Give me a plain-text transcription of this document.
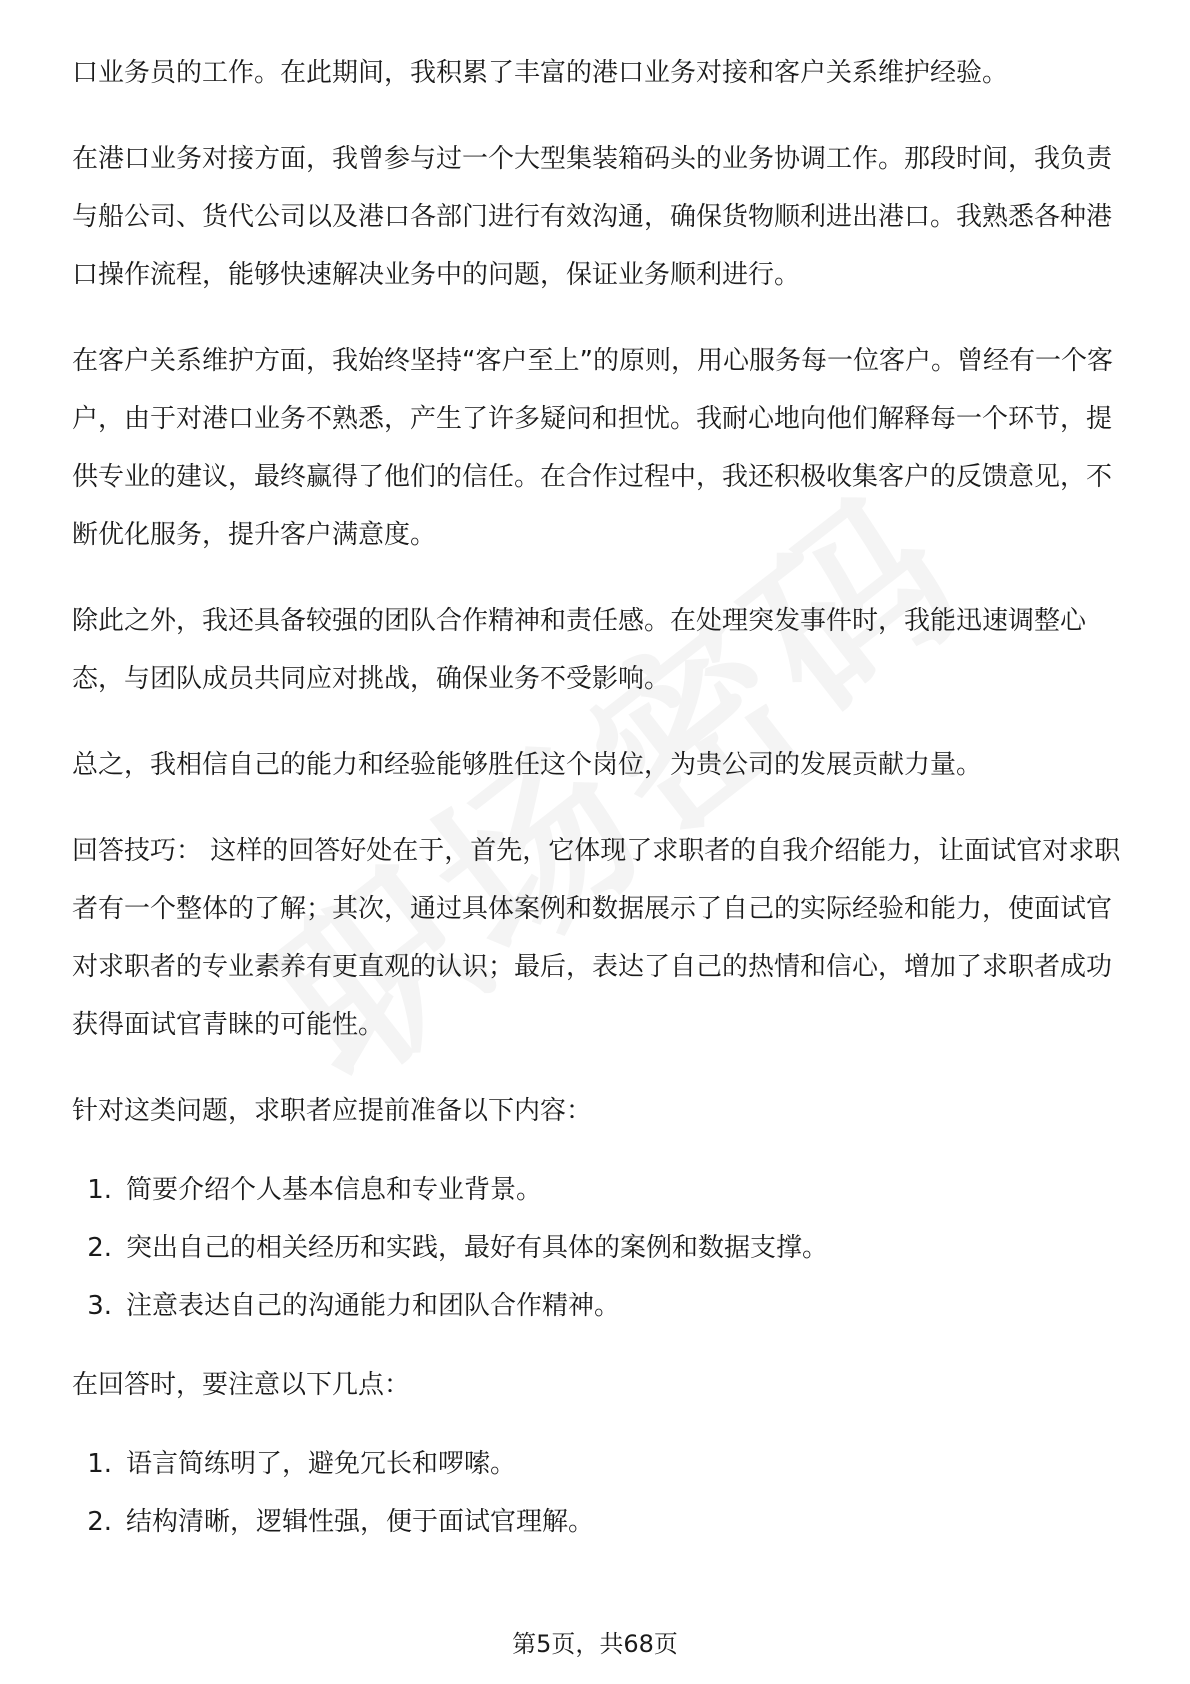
口业务员的工作。在此期间，我积累了丰富的港口业务对接和客户关系维护经验。

在港口业务对接方面，我曾参与过一个大型集装箱码头的业务协调工作。那段时间，我负责与船公司、货代公司以及港口各部门进行有效沟通，确保货物顺利进出港口。我熟悉各种港口操作流程，能够快速解决业务中的问题，保证业务顺利进行。

在客户关系维护方面，我始终坚持“客户至上”的原则，用心服务每一位客户。曾经有一个客户，由于对港口业务不熟悉，产生了许多疑问和担忧。我耐心地向他们解释每一个环节，提供专业的建议，最终赢得了他们的信任。在合作过程中，我还积极收集客户的反馈意见，不断优化服务，提升客户满意度。

除此之外，我还具备较强的团队合作精神和责任感。在处理突发事件时，我能迅速调整心态，与团队成员共同应对挑战，确保业务不受影响。

总之，我相信自己的能力和经验能够胜任这个岗位，为贵公司的发展贡献力量。

回答技巧： 这样的回答好处在于，首先，它体现了求职者的自我介绍能力，让面试官对求职者有一个整体的了解；其次，通过具体案例和数据展示了自己的实际经验和能力，使面试官对求职者的专业素养有更直观的认识；最后，表达了自己的热情和信心，增加了求职者成功获得面试官青睐的可能性。

针对这类问题，求职者应提前准备以下内容：

1. 简要介绍个人基本信息和专业背景。
2. 突出自己的相关经历和实践，最好有具体的案例和数据支撑。
3. 注意表达自己的沟通能力和团队合作精神。

在回答时，要注意以下几点：

1. 语言简练明了，避免冗长和啰嗦。
2. 结构清晰，逻辑性强，便于面试官理解。
第5页，共68页
